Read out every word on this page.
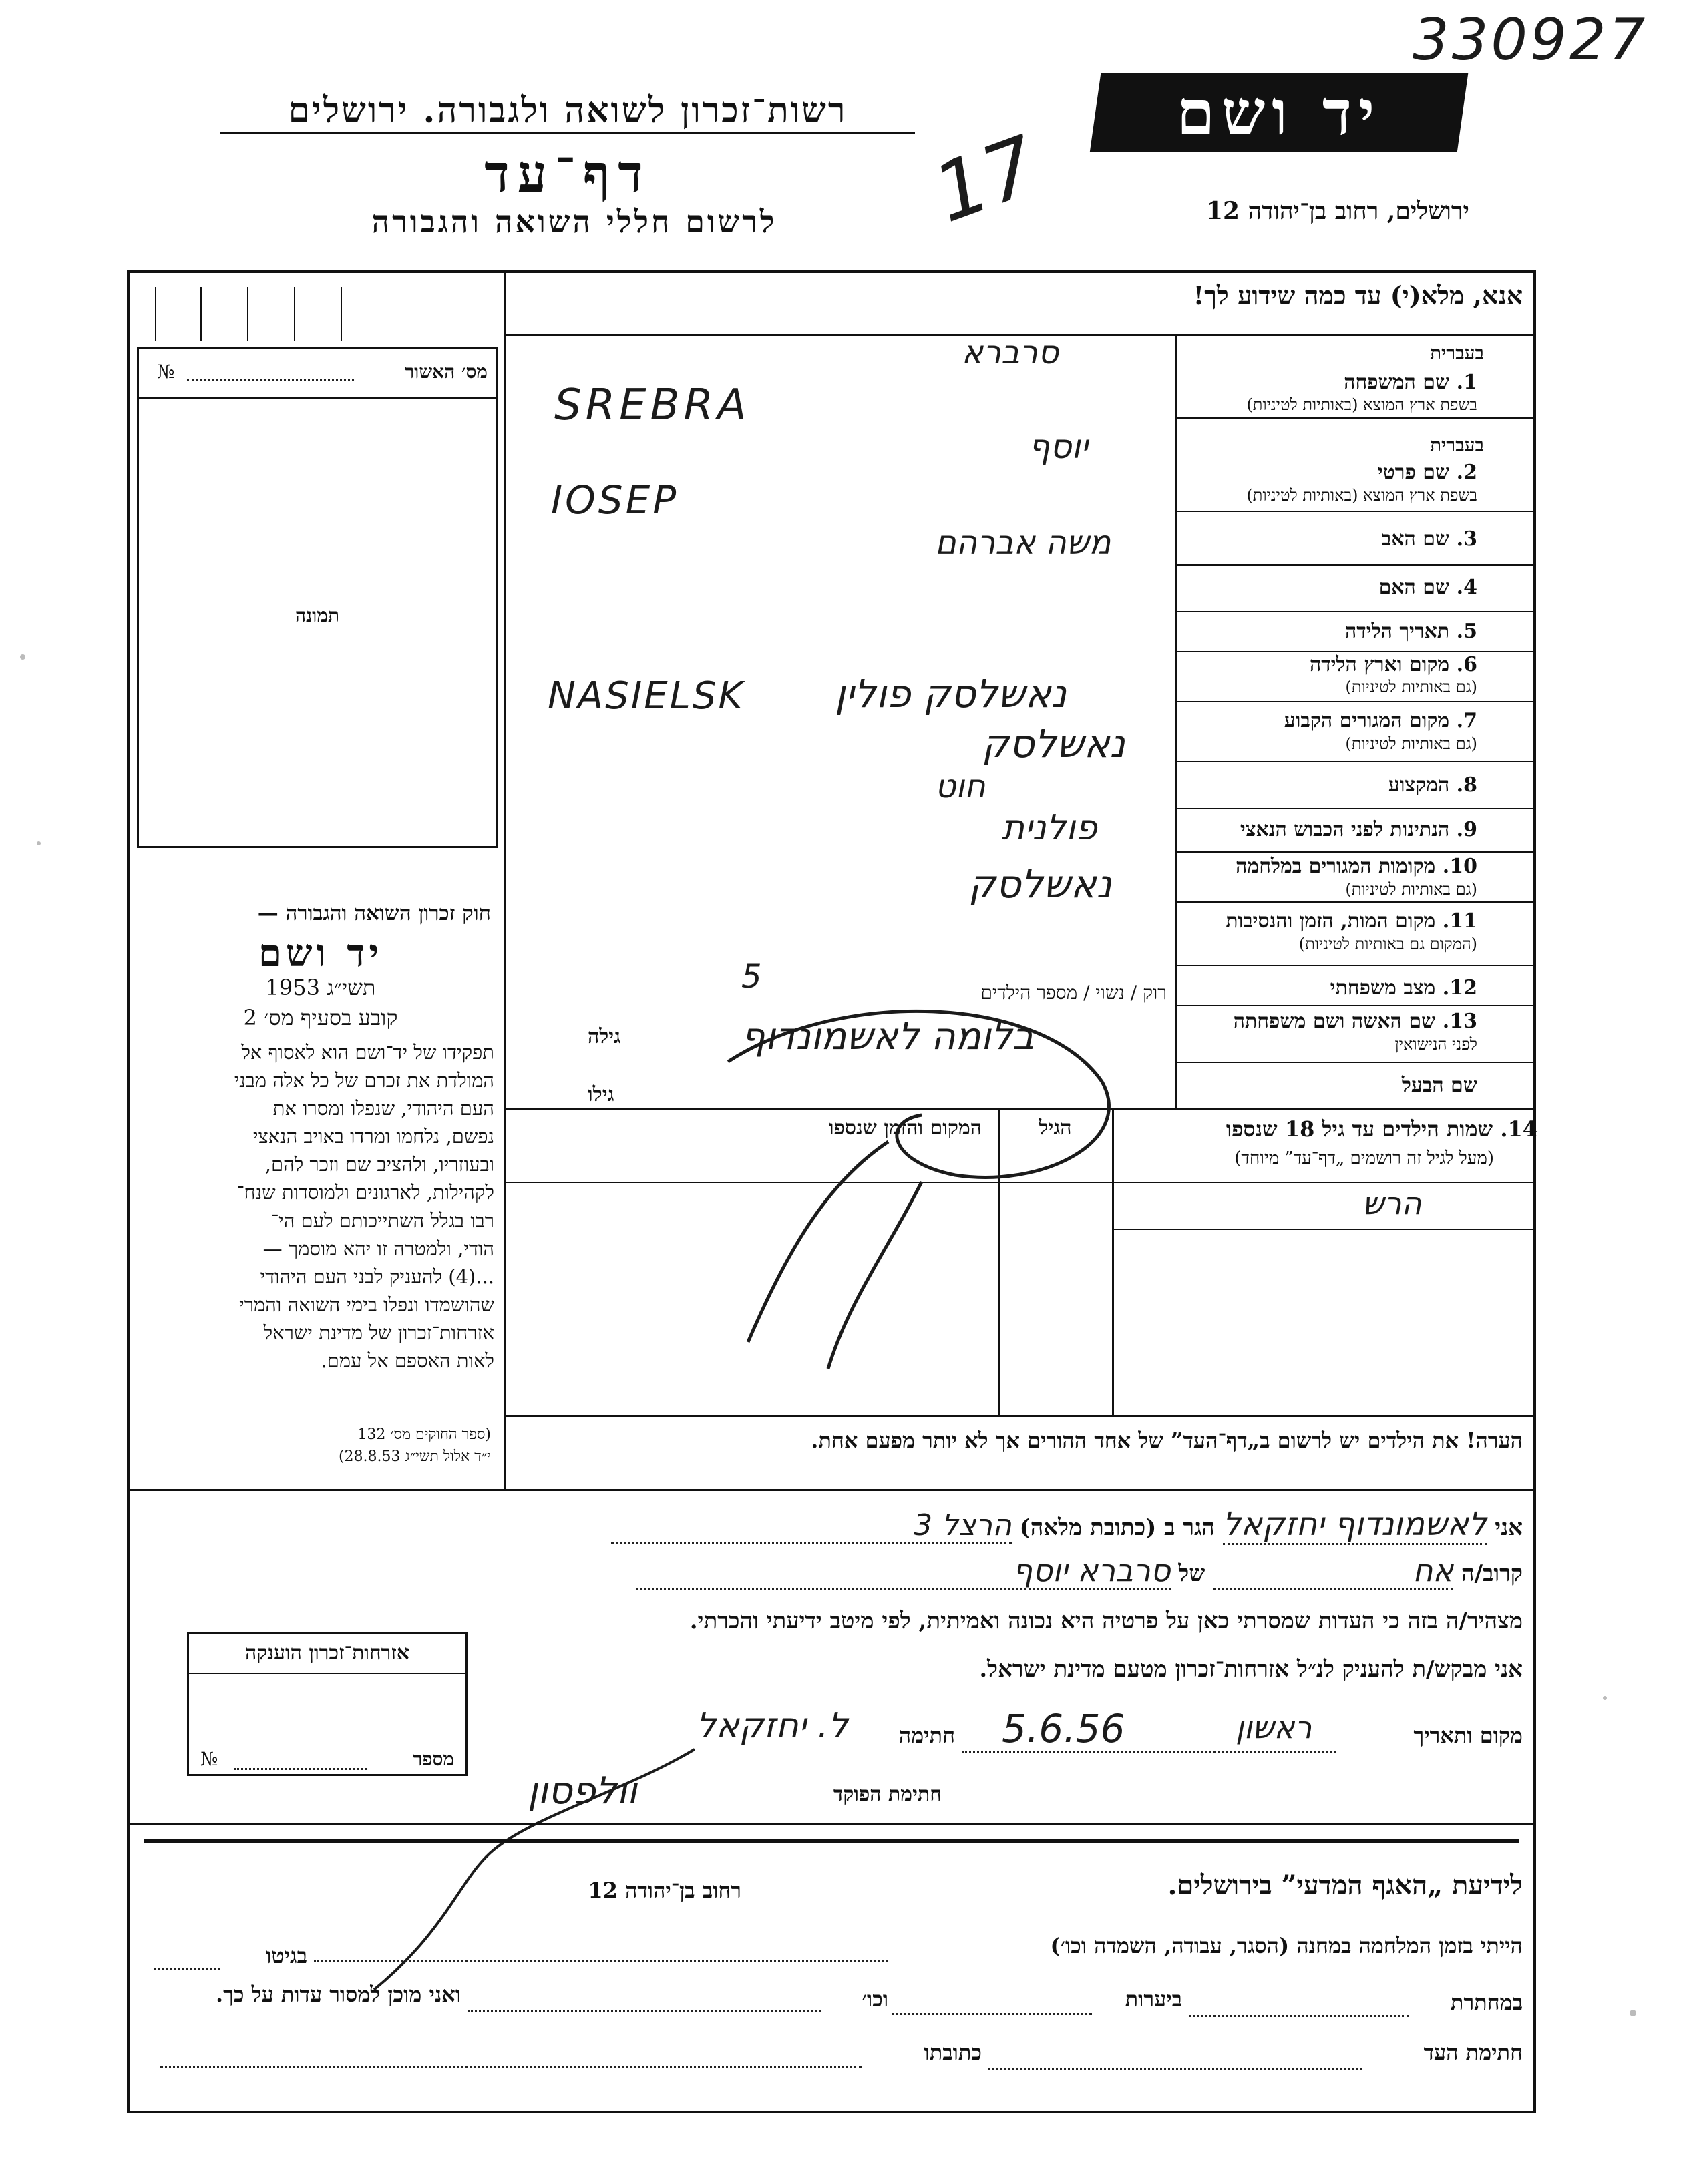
330927
רשות־זכרון לשואה ולגבורה. ירושלים
דף־עד
לרשום חללי השואה והגבורה
יד ושם
ירושלים, רחוב בן־יהודה 12
17
אנא, מלא(י) עד כמה שידוע לך!
מס׳ האשור
№
תמונה
חוק זכרון השואה והגבורה —
יד ושם
תשי״ג 1953
קובע בסעיף מס׳ 2
תפקידו של יד־ושם הוא לאסוף אל
המולדת את זכרם של כל אלה מבני
העם היהודי, שנפלו ומסרו את
נפשם, נלחמו ומרדו באויב הנאצי
ובעוזריו, ולהציב שם וזכר להם,
לקהילות, לארגונים ולמוסדות שנח־
רבו בגלל השתייכותם לעם הי־
הודי, ולמטרה זו יהא מוסמך —
...(4) להעניק לבני העם היהודי
שהושמדו ונפלו בימי השואה והמרי
אזרחות־זכרון של מדינת ישראל
לאות האספם אל עמם.
(ספר החוקים מס׳ 132
י״ד אלול תשי״ג 28.8.53)
1. שם המשפחה
בעברית
בשפת ארץ המוצא (באותיות לטיניות)
סרברא
SREBRA
בעברית
2. שם פרטי
בשפת ארץ המוצא (באותיות לטיניות)
יוסף
IOSEP
3. שם האב
משה אברהם
4. שם האם
5. תאריך הלידה
6. מקום וארץ הלידה
(גם באותיות לטיניות)
נאשלסק פולין
NASIELSK
7. מקום המגורים הקבוע
(גם באותיות לטיניות)
נאשלסק
8. המקצוע
חוט
9. הנתינות לפני הכבוש הנאצי
פולנית
10. מקומות המגורים במלחמה
(גם באותיות לטיניות)
נאשלסק
11. מקום המות, הזמן והנסיבות
(המקום גם באותיות לטיניות)
12. מצב משפחתי
רוק / נשוי / מספר הילדים
5
13. שם האשה ושם משפחתה
לפני הנישואין
גילה	בלומה לאשמונדוף
שם הבעל
גילו
14. שמות הילדים עד גיל 18 שנספו
(מעל לגיל זה רושמים „דף־עד” מיוחד)
הגיל
המקום והזמן שנספו
הרש
הערה! את הילדים יש לרשום ב„דף־העד” של אחד ההורים אך לא יותר מפעם אחת.
אני לאשמונדוף יחזקאל הגר ב (כתובת מלאה) הרצל 3
קרוב/ה אח של סרברא יוסף
מצהיר/ה בזה כי העדות שמסרתי כאן על פרטיה היא נכונה ואמיתית, לפי מיטב ידיעתי והכרתי.
אני מבקש/ת להעניק לנ״ל אזרחות־זכרון מטעם מדינת ישראל.
מקום ותאריך
ראשון
5.6.56
חתימה
ל. יחזקאל
חתימת הפוקד
וולפסון
אזרחות־זכרון הוענקה
מספר
№
לידיעת „האגף המדעי” בירושלים.
רחוב בן־יהודה 12
הייתי בזמן המלחמה במחנה (הסגר, עבודה, השמדה וכו׳)
בגיטו
במחתרת
ביערות
וכו׳
ואני מוכן למסור עדות על כך.
חתימת העד
כתובתו
